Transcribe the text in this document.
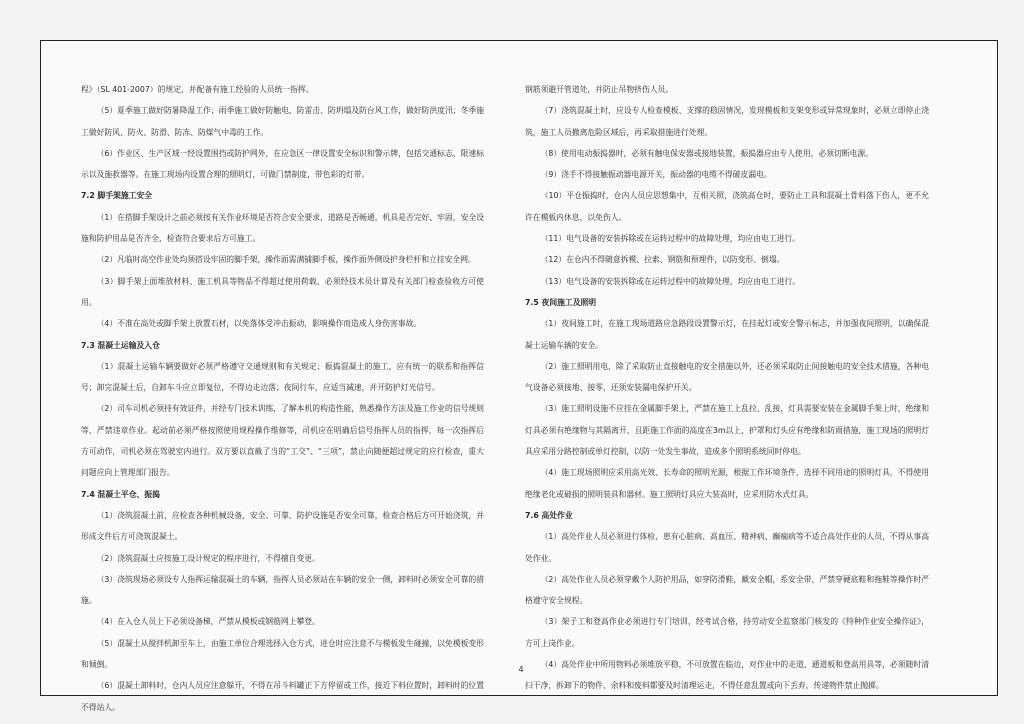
程》（SL 401-2007）的规定，并配备有施工经验的人员统一指挥。

（5）夏季施工做好防暑降温工作；雨季施工做好防触电、防雷击、防坍塌及防台风工作，做好防洪度汛；冬季施工做好防风、防火、防滑、防冻、防煤气中毒的工作。

（6）作业区、生产区域一经设置围挡或防护网外，在应急区一律设置安全标识和警示牌，包括交通标志、限速标示以及施救器等。在施工现场内设置合理的照明灯，可做门禁制度，带色彩的灯带。

7.2 脚手架施工安全

（1）在搭脚手架设计之前必须按有关作业环境是否符合安全要求，道路是否畅通，机具是否完好、牢固，安全设施和防护用品是否齐全，检查符合要求后方可施工。

（2）凡临时高空作业处均须搭设牢固的脚手架，操作面需满铺脚手板，操作面外侧设护身栏杆和立挂安全网。

（3）脚手架上面堆放材料、施工机具等物品不得超过使用荷载，必须经技术员计算及有关部门检查验收方可使用。

（4）不准在高处或脚手架上放置石材，以免落体受冲击振动，影响操作而造成人身伤害事故。

7.3 混凝土运输及入仓

（1）混凝土运输车辆要做好必须严格遵守交通规则和有关规定；振捣混凝土的施工，应有统一的联系和指挥信号；卸完混凝土后，自卸车斗应立即复位，不得边走边落；夜间行车，应适当减速，并开防护灯光信号。

（2）司车司机必须持有效证件，并经专门技术训练，了解本机的构造性能，熟悉操作方法及施工作业的信号规则等，严禁违章作业。起动前必须严格按照使用规程操作维修等，司机应在明确后信号指挥人员的指挥，每一次指挥后方可动作，司机必须在驾驶室内进行。双方要以直截了当的“工交”、“三项”，禁止向随便超过规定的应行检查，重大问题应向上管理部门报告。

7.4 混凝土平仓、振捣

（1）浇筑混凝土前，应检查各种机械设备，安全、可靠、防护设施是否安全可靠，检查合格后方可开始浇筑，并形成文件后方可浇筑混凝土。

（2）浇筑混凝土应按施工设计规定的程序进行，不得擅自变更。

（3）浇筑现场必须设专人指挥运输混凝土的车辆，指挥人员必须站在车辆的安全一侧，卸料时必须安全可靠的措施。

（4）在入仓人员上下必须设备梯，严禁从模板或钢筋网上攀登。

（5）混凝土从搅拌机卸至车上，由施工单位合理选择入仓方式，进仓时应注意不与模板发生碰撞，以免模板变形和倾倒。

（6）混凝土卸料时，仓内人员应注意躲开，不得在吊斗料罐正下方停留或工作，接近下料位置时，卸料时的位置不得站人。

钢筋须避开管道处，并防止吊物挤伤人员。

（7）浇筑混凝土时，应设专人检查模板、支撑的稳固情况，发现模板和支架变形或异常现象时，必须立即停止浇筑，施工人员撤离危险区域后，再采取措施进行处理。

（8）使用电动振捣器时，必须有触电保安器或接地装置，振捣器应由专人使用，必须切断电源。

（9）浇手不得接触振动器电源开关，振动器的电缆不得破皮漏电。

（10）平仓振捣时，仓内人员应思想集中，互相关照，浇筑高仓时，要防止工具和混凝土骨料落下伤人，更不允许在模板内休息，以免伤人。

（11）电气设备的安装拆除或在运转过程中的故障处理，均应由电工进行。

（12）在仓内不得随意拆模、拉索、钢筋和预埋件，以防变形、倒塌。

（13）电气设备的安装拆除或在运转过程中的故障处理，均应由电工进行。

7.5 夜间施工及照明

（1）夜间施工时，在施工现场道路应急路段设置警示灯，在挂起灯或安全警示标志，并加强夜间照明，以确保混凝土运输车辆的安全。

（2）施工照明用电，除了采取防止直接触电的安全措施以外，还必须采取防止间接触电的安全技术措施，各种电气设备必须接地、接零，还须安装漏电保护开关。

（3）施工照明设施不应挂在金属脚手架上，严禁在施工上乱拉、乱接，灯具需要安装在金属脚手架上时，绝缘和灯具必须有绝缘物与其隔离开，且距施工作面的高度在3m以上，护罩和灯头应有绝缘和防雨措施，施工现场的照明灯具应采用分路控制或单灯控制，以防一处发生事故，造成多个照明系统同时停电。

（4）施工现场照明应采用高光效、长寿命的照明光源，根据工作环境条件，选择不同用途的照明灯具，不得使用绝缘老化或破损的照明装具和器材。施工照明灯具应大装高时，应采用防水式灯具。

7.6 高处作业

（1）高处作业人员必须进行体检，患有心脏病、高血压、精神病、癫痫病等不适合高处作业的人员，不得从事高处作业。

（2）高处作业人员必须穿戴个人防护用品，如穿防滑鞋，戴安全帽，系安全带，严禁穿硬底鞋和拖鞋等操作时严格遵守安全规程。

（3）架子工和登高作业必须进行专门培训，经考试合格，持劳动安全监察部门核发的《特种作业安全操作证》，方可上岗作业。

（4）高处作业中所用物料必须堆放平稳，不可放置在临边，对作业中的走道、通道板和登高用具等，必须随时清扫干净，拆卸下的物件、余料和废料都要及时清理运走，不得任意乱置或向下丢弃，传递物件禁止抛掷。

4
